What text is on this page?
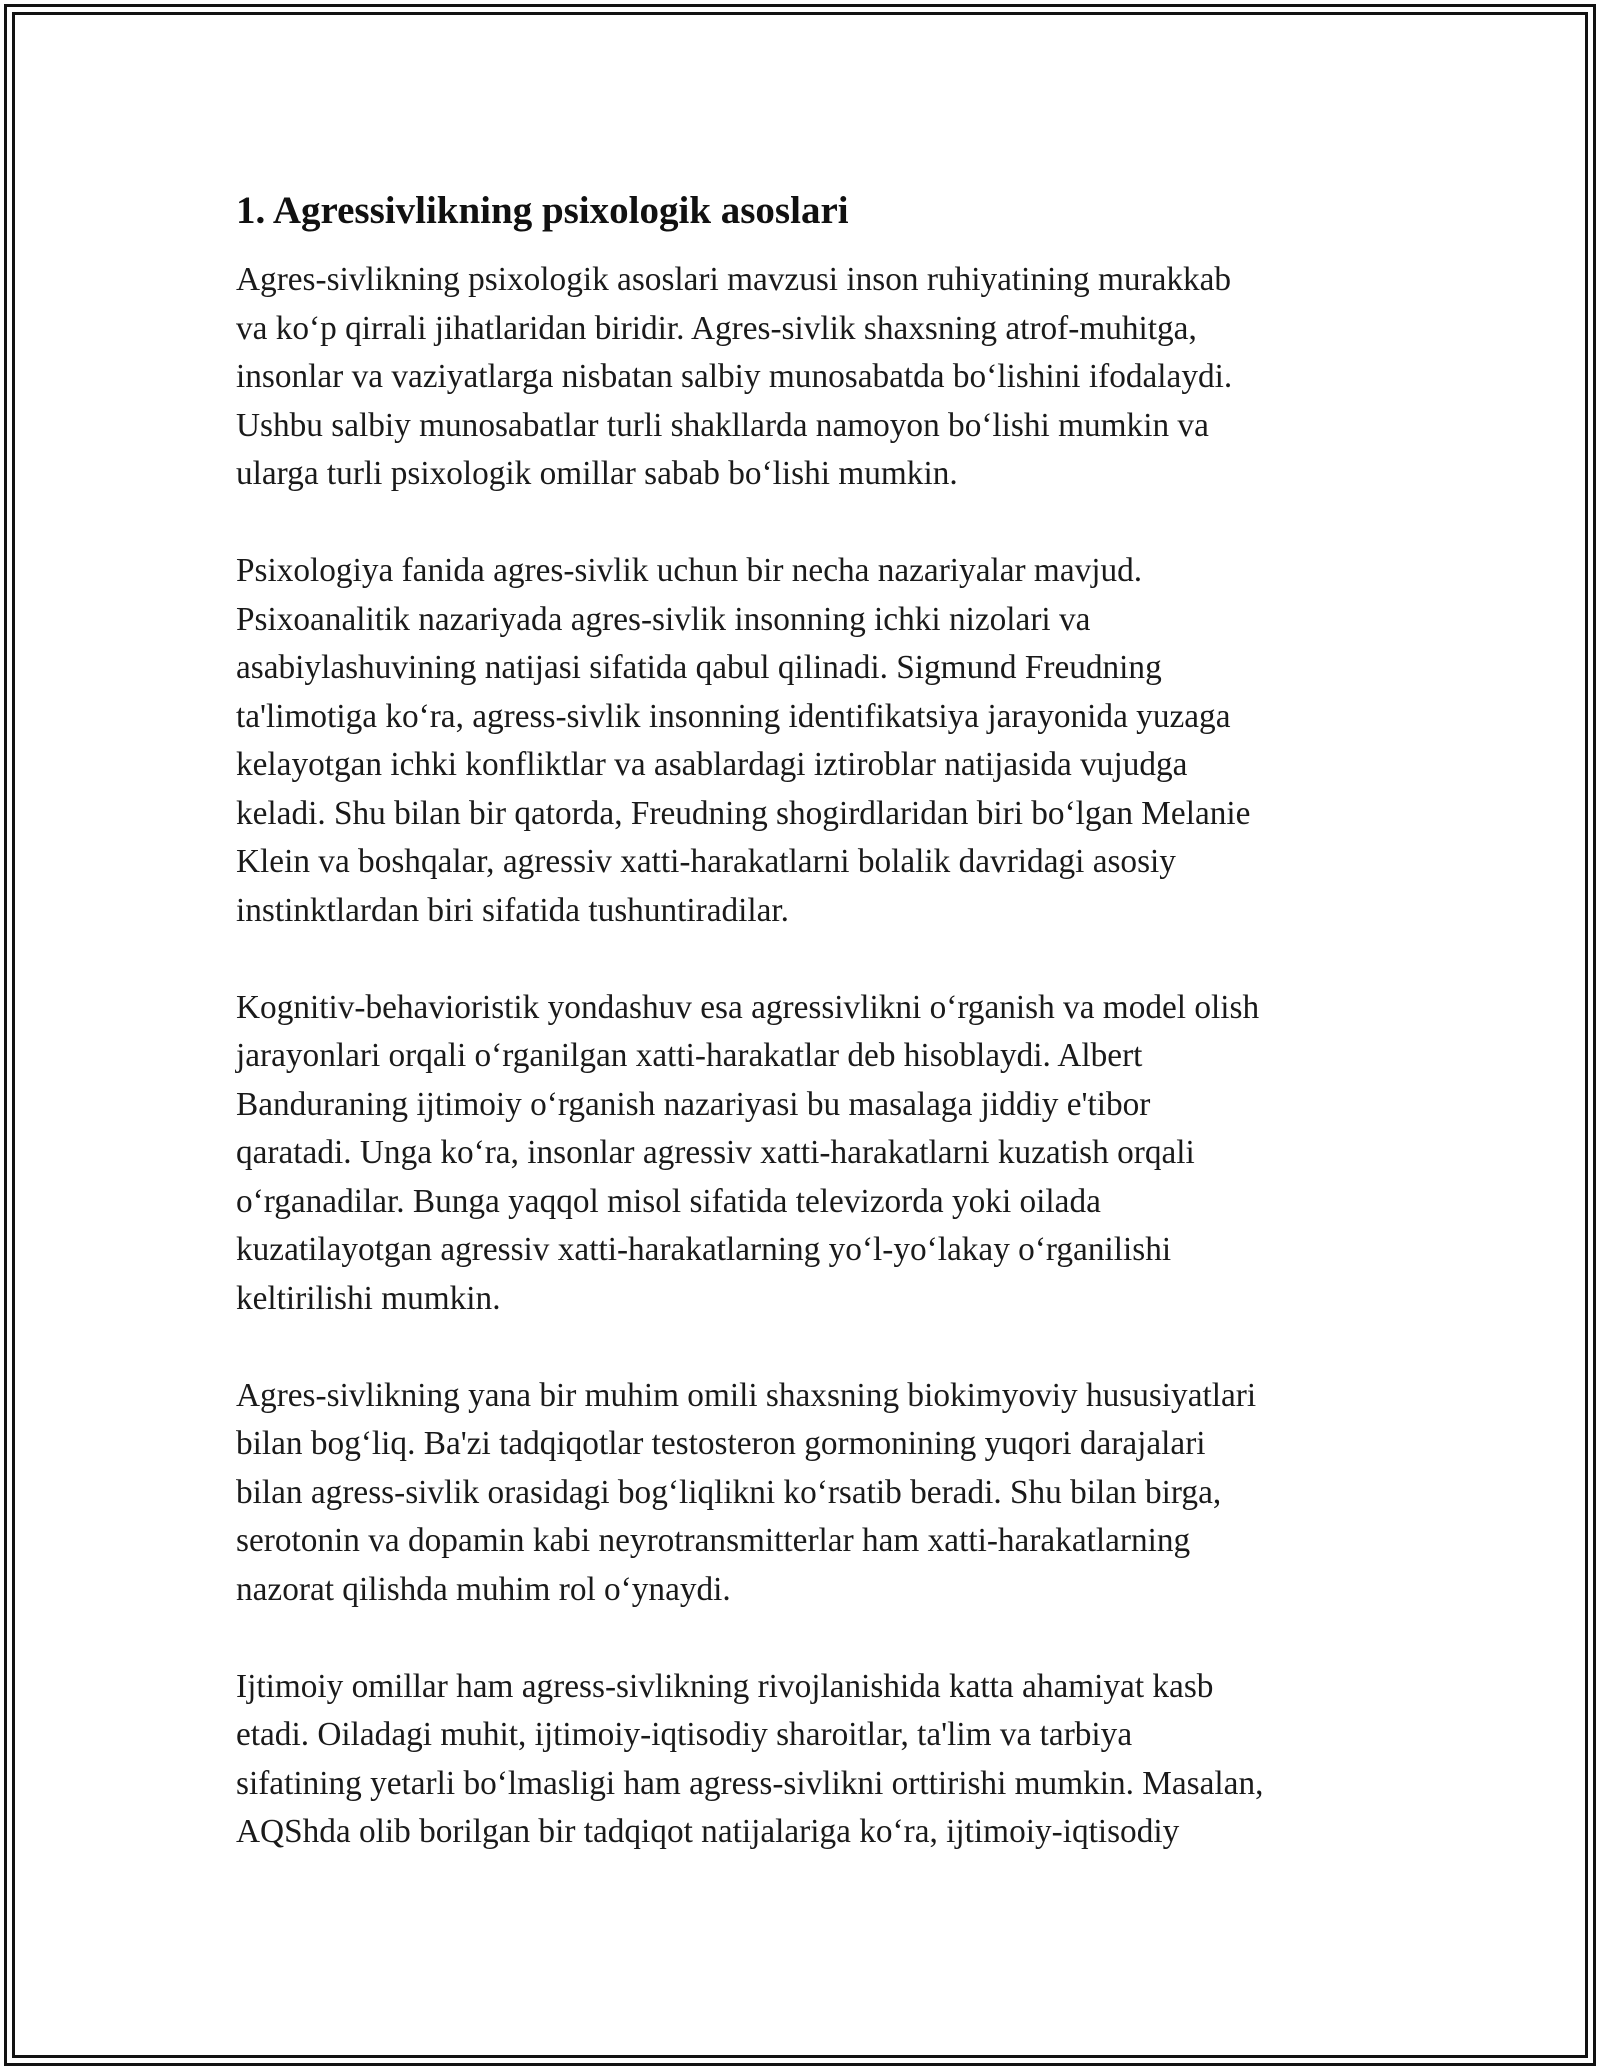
1. Agressivlikning psixologik asoslari

Agres-sivlikning psixologik asoslari mavzusi inson ruhiyatining murakkab
va ko‘p qirrali jihatlaridan biridir. Agres-sivlik shaxsning atrof-muhitga,
insonlar va vaziyatlarga nisbatan salbiy munosabatda bo‘lishini ifodalaydi.
Ushbu salbiy munosabatlar turli shakllarda namoyon bo‘lishi mumkin va
ularga turli psixologik omillar sabab bo‘lishi mumkin.

Psixologiya fanida agres-sivlik uchun bir necha nazariyalar mavjud.
Psixoanalitik nazariyada agres-sivlik insonning ichki nizolari va
asabiylashuvining natijasi sifatida qabul qilinadi. Sigmund Freudning
ta'limotiga ko‘ra, agress-sivlik insonning identifikatsiya jarayonida yuzaga
kelayotgan ichki konfliktlar va asablardagi iztiroblar natijasida vujudga
keladi. Shu bilan bir qatorda, Freudning shogirdlaridan biri bo‘lgan Melanie
Klein va boshqalar, agressiv xatti-harakatlarni bolalik davridagi asosiy
instinktlardan biri sifatida tushuntiradilar.

Kognitiv-behavioristik yondashuv esa agressivlikni o‘rganish va model olish
jarayonlari orqali o‘rganilgan xatti-harakatlar deb hisoblaydi. Albert
Banduraning ijtimoiy o‘rganish nazariyasi bu masalaga jiddiy e'tibor
qaratadi. Unga ko‘ra, insonlar agressiv xatti-harakatlarni kuzatish orqali
o‘rganadilar. Bunga yaqqol misol sifatida televizorda yoki oilada
kuzatilayotgan agressiv xatti-harakatlarning yo‘l-yo‘lakay o‘rganilishi
keltirilishi mumkin.

Agres-sivlikning yana bir muhim omili shaxsning biokimyoviy hususiyatlari
bilan bog‘liq. Ba'zi tadqiqotlar testosteron gormonining yuqori darajalari
bilan agress-sivlik orasidagi bog‘liqlikni ko‘rsatib beradi. Shu bilan birga,
serotonin va dopamin kabi neyrotransmitterlar ham xatti-harakatlarning
nazorat qilishda muhim rol o‘ynaydi.

Ijtimoiy omillar ham agress-sivlikning rivojlanishida katta ahamiyat kasb
etadi. Oiladagi muhit, ijtimoiy-iqtisodiy sharoitlar, ta'lim va tarbiya
sifatining yetarli bo‘lmasligi ham agress-sivlikni orttirishi mumkin. Masalan,
AQShda olib borilgan bir tadqiqot natijalariga ko‘ra, ijtimoiy-iqtisodiy
